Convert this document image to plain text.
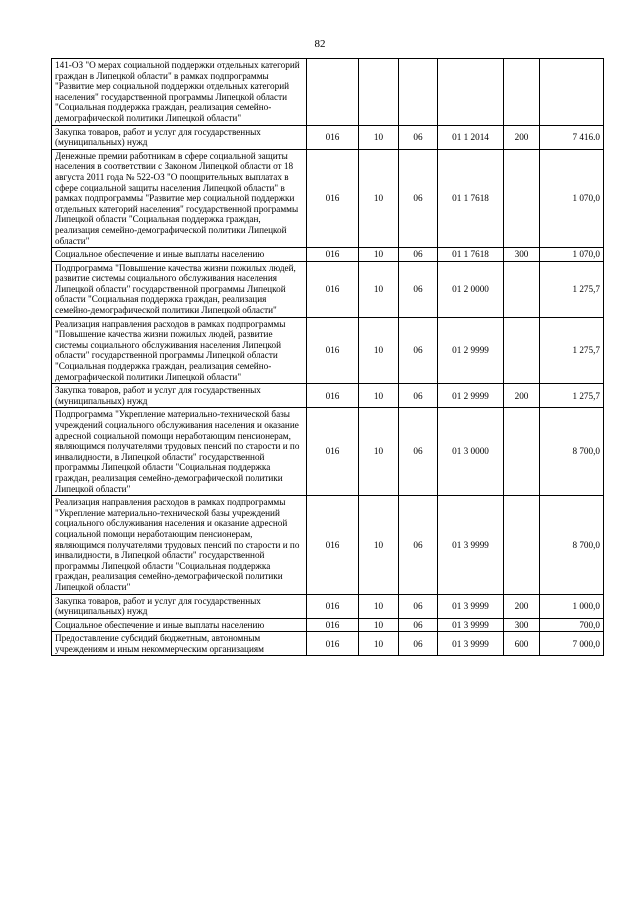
82
141-ОЗ "О мерах социальной поддержки отдельных категорий граждан в Липецкой области" в рамках подпрограммы "Развитие мер социальной поддержки отдельных категорий населения" государственной программы Липецкой области "Социальная поддержка граждан, реализация семейно-демографической политики Липецкой области"						
Закупка товаров, работ и услуг для государственных (муниципальных) нужд	016	10	06	01 1 2014	200	7 416.0
Денежные премии работникам в сфере социальной защиты населения в соответствии с Законом Липецкой области от 18 августа 2011 года № 522-ОЗ "О поощрительных выплатах в сфере социальной защиты населения Липецкой области" в рамках подпрограммы "Развитие мер социальной поддержки отдельных категорий населения" государственной программы Липецкой области "Социальная поддержка граждан, реализация семейно-демографической политики Липецкой области"	016	10	06	01 1 7618		1 070,0
Социальное обеспечение и иные выплаты населению	016	10	06	01 1 7618	300	1 070,0
Подпрограмма "Повышение качества жизни пожилых людей, развитие системы социального обслуживания населения Липецкой области" государственной программы Липецкой области "Социальная поддержка граждан, реализация семейно-демографической политики Липецкой области"	016	10	06	01 2 0000		1 275,7
Реализация направления расходов в рамках подпрограммы "Повышение качества жизни пожилых людей, развитие системы социального обслуживания населения Липецкой области" государственной программы Липецкой области "Социальная поддержка граждан, реализация семейно-демографической политики Липецкой области"	016	10	06	01 2 9999		1 275,7
Закупка товаров, работ и услуг для государственных (муниципальных) нужд	016	10	06	01 2 9999	200	1 275,7
Подпрограмма "Укрепление материально-технической базы учреждений социального обслуживания населения и оказание адресной социальной помощи неработающим пенсионерам, являющимся получателями трудовых пенсий по старости и по инвалидности, в Липецкой области" государственной программы Липецкой области "Социальная поддержка граждан, реализация семейно-демографической политики Липецкой области"	016	10	06	01 3 0000		8 700,0
Реализация направления расходов в рамках подпрограммы "Укрепление материально-технической базы учреждений социального обслуживания населения и оказание адресной социальной помощи неработающим пенсионерам, являющимся получателями трудовых пенсий по старости и по инвалидности, в Липецкой области" государственной программы Липецкой области "Социальная поддержка граждан, реализация семейно-демографической политики Липецкой области"	016	10	06	01 3 9999		8 700,0
Закупка товаров, работ и услуг для государственных (муниципальных) нужд	016	10	06	01 3 9999	200	1 000,0
Социальное обеспечение и иные выплаты населению	016	10	06	01 3 9999	300	700,0
Предоставление субсидий бюджетным, автономным учреждениям и иным некоммерческим организациям	016	10	06	01 3 9999	600	7 000,0
